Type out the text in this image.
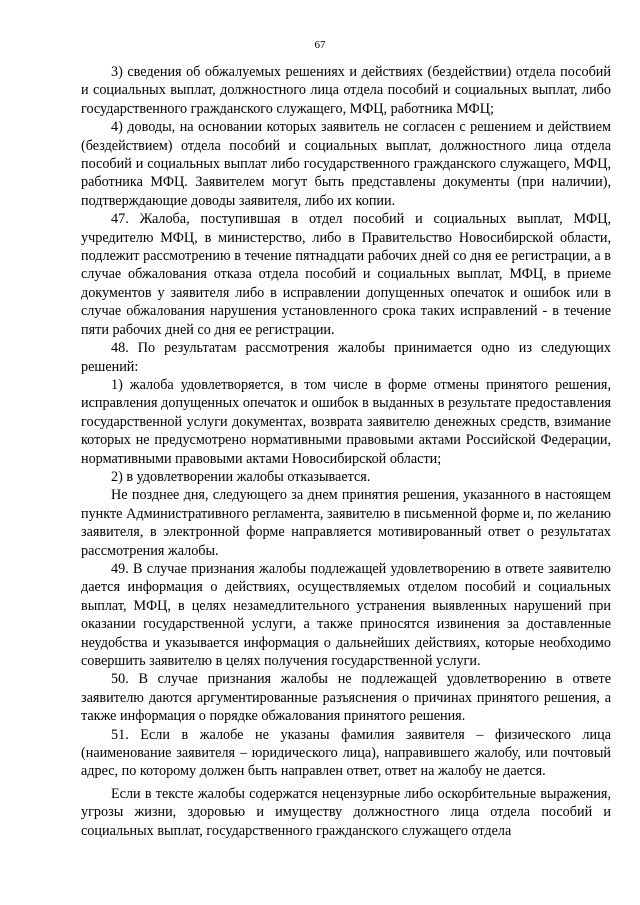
67

3) сведения об обжалуемых решениях и действиях (бездействии) отдела пособий и социальных выплат, должностного лица отдела пособий и социальных выплат, либо государственного гражданского служащего, МФЦ, работника МФЦ;

4) доводы, на основании которых заявитель не согласен с решением и действием (бездействием) отдела пособий и социальных выплат, должностного лица отдела пособий и социальных выплат либо государственного гражданского служащего, МФЦ, работника МФЦ. Заявителем могут быть представлены документы (при наличии), подтверждающие доводы заявителя, либо их копии.

47. Жалоба, поступившая в отдел пособий и социальных выплат, МФЦ, учредителю МФЦ, в министерство, либо в Правительство Новосибирской области, подлежит рассмотрению в течение пятнадцати рабочих дней со дня ее регистрации, а в случае обжалования отказа отдела пособий и социальных выплат, МФЦ, в приеме документов у заявителя либо в исправлении допущенных опечаток и ошибок или в случае обжалования нарушения установленного срока таких исправлений - в течение пяти рабочих дней со дня ее регистрации.

48. По результатам рассмотрения жалобы принимается одно из следующих решений:

1) жалоба удовлетворяется, в том числе в форме отмены принятого решения, исправления допущенных опечаток и ошибок в выданных в результате предоставления государственной услуги документах, возврата заявителю денежных средств, взимание которых не предусмотрено нормативными правовыми актами Российской Федерации, нормативными правовыми актами Новосибирской области;

2) в удовлетворении жалобы отказывается.

Не позднее дня, следующего за днем принятия решения, указанного в настоящем пункте Административного регламента, заявителю в письменной форме и, по желанию заявителя, в электронной форме направляется мотивированный ответ о результатах рассмотрения жалобы.

49. В случае признания жалобы подлежащей удовлетворению в ответе заявителю дается информация о действиях, осуществляемых отделом пособий и социальных выплат, МФЦ, в целях незамедлительного устранения выявленных нарушений при оказании государственной услуги, а также приносятся извинения за доставленные неудобства и указывается информация о дальнейших действиях, которые необходимо совершить заявителю в целях получения государственной услуги.

50. В случае признания жалобы не подлежащей удовлетворению в ответе заявителю даются аргументированные разъяснения о причинах принятого решения, а также информация о порядке обжалования принятого решения.

51. Если в жалобе не указаны фамилия заявителя – физического лица (наименование заявителя – юридического лица), направившего жалобу, или почтовый адрес, по которому должен быть направлен ответ, ответ на жалобу не дается.

Если в тексте жалобы содержатся нецензурные либо оскорбительные выражения, угрозы жизни, здоровью и имуществу должностного лица отдела пособий и социальных выплат, государственного гражданского служащего отдела
